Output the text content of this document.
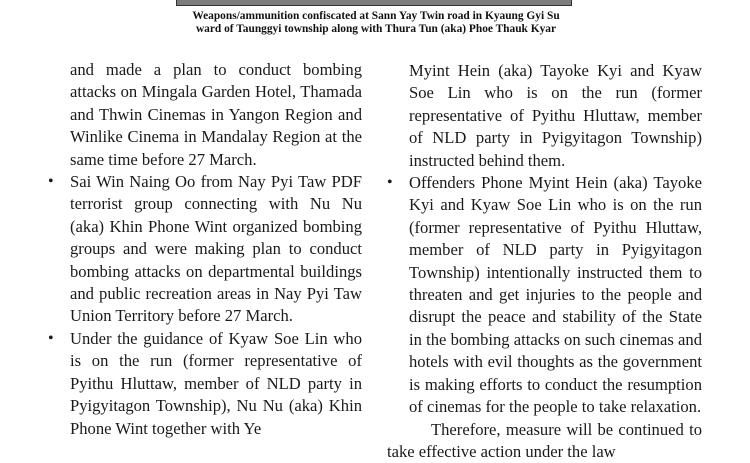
Weapons/ammunition confiscated at Sann Yay Twin road in Kyaung Gyi Su ward of Taunggyi township along with Thura Tun (aka) Phoe Thauk Kyar

and made a plan to conduct bombing attacks on Mingala Garden Hotel, Thamada and Thwin Cinemas in Yangon Region and Winlike Cinema in Mandalay Region at the same time before 27 March.

• Sai Win Naing Oo from Nay Pyi Taw PDF terrorist group connecting with Nu Nu (aka) Khin Phone Wint organized bombing groups and were making plan to conduct bombing attacks on departmental buildings and public recreation areas in Nay Pyi Taw Union Territory before 27 March.
• Under the guidance of Kyaw Soe Lin who is on the run (former representative of Pyithu Hluttaw, member of NLD party in Pyigyitagon Township), Nu Nu (aka) Khin Phone Wint together with Ye

Myint Hein (aka) Tayoke Kyi and Kyaw Soe Lin who is on the run (former representative of Pyithu Hluttaw, member of NLD party in Pyigyitagon Township) instructed behind them.

• Offenders Phone Myint Hein (aka) Tayoke Kyi and Kyaw Soe Lin who is on the run (former representative of Pyithu Hluttaw, member of NLD party in Pyigyitagon Township) intentionally instructed them to threaten and get injuries to the people and disrupt the peace and stability of the State in the bombing attacks on such cinemas and hotels with evil thoughts as the government is making efforts to conduct the resumption of cinemas for the people to take relaxation.

Therefore, measure will be continued to take effective action under the law
